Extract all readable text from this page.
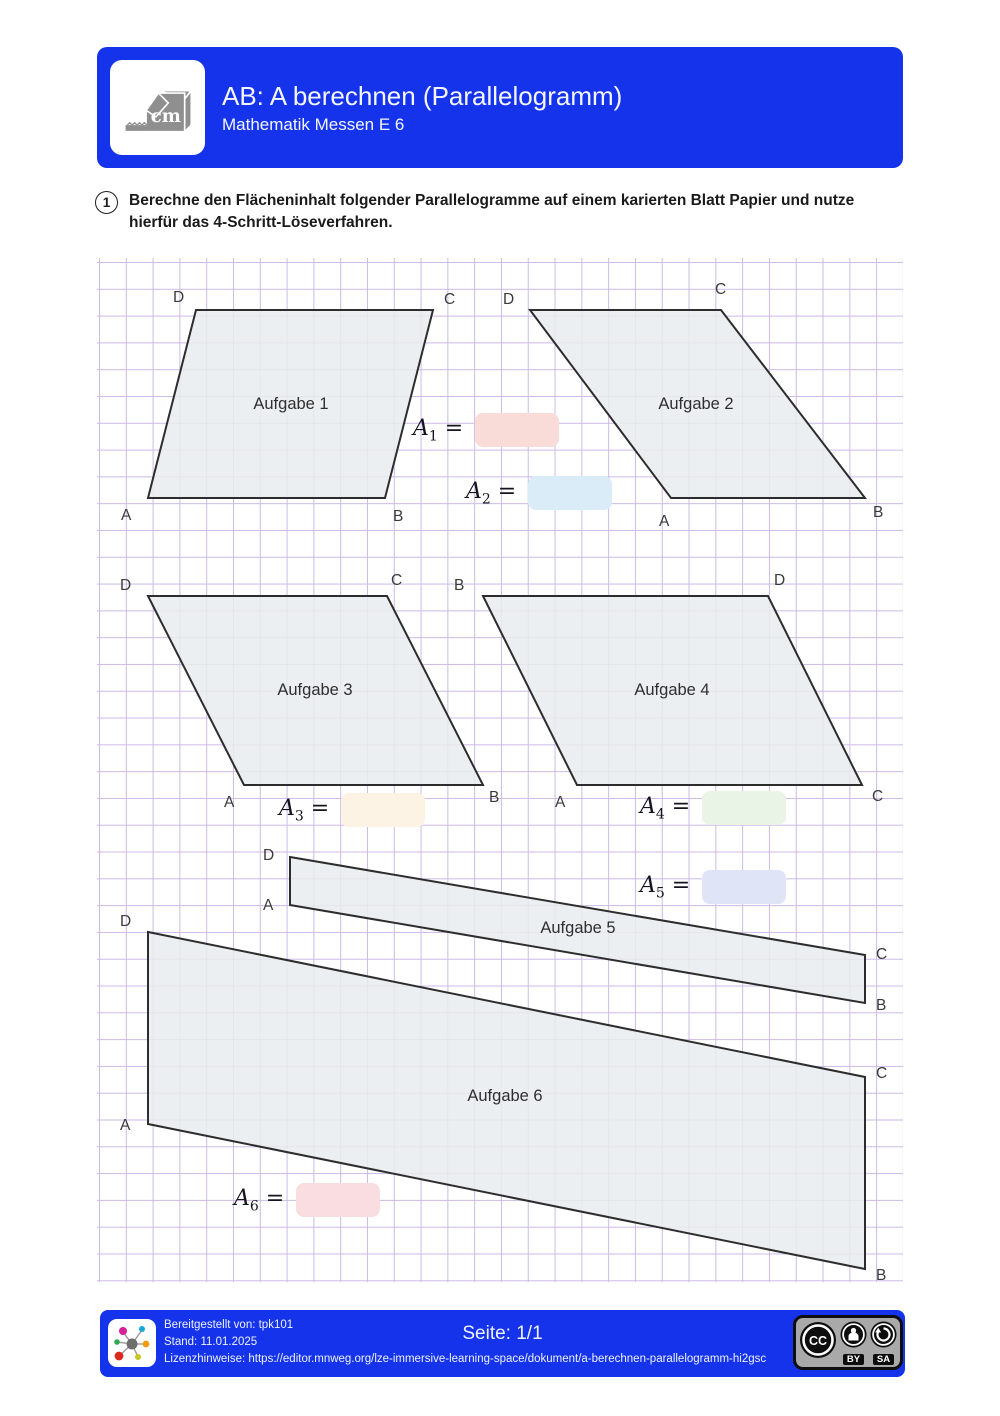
cm
AB: A berechnen (Parallelogramm)
Mathematik Messen E 6
1	Berechne den Flächeninhalt folgender Parallelogramme auf einem karierten Blatt Papier und nutze hierfür das 4-Schritt-Löseverfahren.
Aufgabe 1
D	C
A	B
Aufgabe 2
D
C
A
B
Aufgabe 3
D	C
A	B
Aufgabe 4
B	D
A	C
Aufgabe 5
D
A
C
B
Aufgabe 6
D
A
C
B
$A_1$ =
$A_2$ =
$A_3$ =	$A_4$ =
$A_5$ =
$A_6$ =
Bereitgestellt von: tpk101
Stand: 11.01.2025
Lizenzhinweise: https://editor.mnweg.org/lze-immersive-learning-space/dokument/a-berechnen-parallelogramm-hi2gsc
Seite: 1/1	CC
BY	SA
